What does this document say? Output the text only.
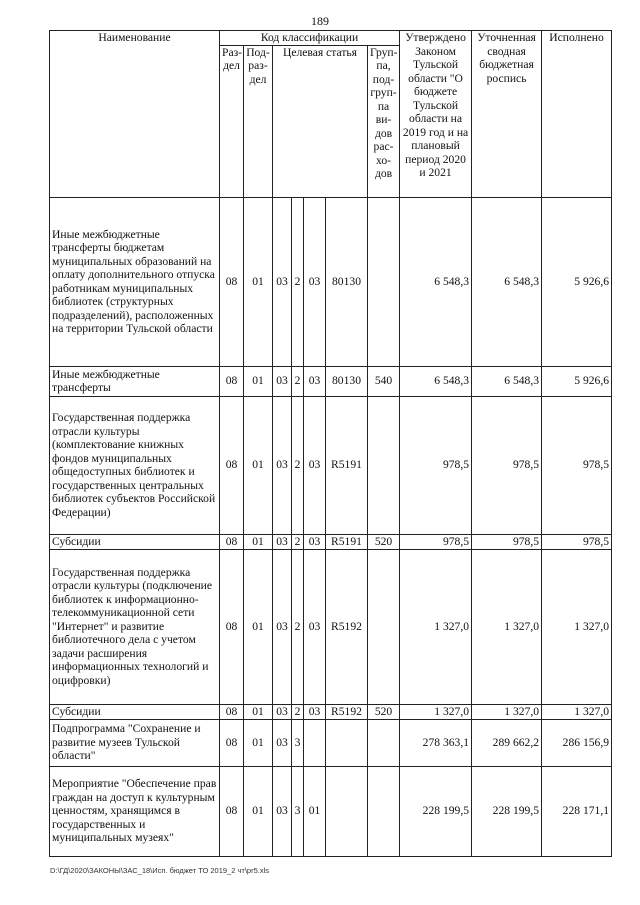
189
Наименование	Код классификации							Утверждено Законом Тульской области "О бюджете Тульской области на 2019 год и на плановый период 2020 и 2021	Уточненная сводная бюджетная роспись	Исполнено
	Раз-дел	Под-раз-дел	Целевая статья				Груп-па, под-груп-па ви-дов рас-хо-дов			
Иные межбюджетные трансферты бюджетам муниципальных образований на оплату дополнительного отпуска работникам муниципальных библиотек (структурных подразделений), расположенных на территории Тульской области	08	01	03	2	03	80130		6 548,3	6 548,3	5 926,6
Иные межбюджетные трансферты	08	01	03	2	03	80130	540	6 548,3	6 548,3	5 926,6
Государственная поддержка отрасли культуры (комплектование книжных фондов муниципальных общедоступных библиотек и государственных центральных библиотек субъектов Российской Федерации)	08	01	03	2	03	R5191		978,5	978,5	978,5
Субсидии	08	01	03	2	03	R5191	520	978,5	978,5	978,5
Государственная поддержка отрасли культуры (подключение библиотек к информационно-телекоммуникационной сети "Интернет" и развитие библиотечного дела с учетом задачи расширения информационных технологий и оцифровки)	08	01	03	2	03	R5192		1 327,0	1 327,0	1 327,0
Субсидии	08	01	03	2	03	R5192	520	1 327,0	1 327,0	1 327,0
Подпрограмма "Сохранение и развитие музеев Тульской области"	08	01	03	3				278 363,1	289 662,2	286 156,9
Мероприятие "Обеспечение прав граждан на доступ к культурным ценностям, хранящимся в государственных и муниципальных музеях"	08	01	03	3	01			228 199,5	228 199,5	228 171,1
D:\ГД\2020\ЗАКОНЫ\ЗАС_18\Исп. бюджет ТО 2019_2 чт\pr5.xls
